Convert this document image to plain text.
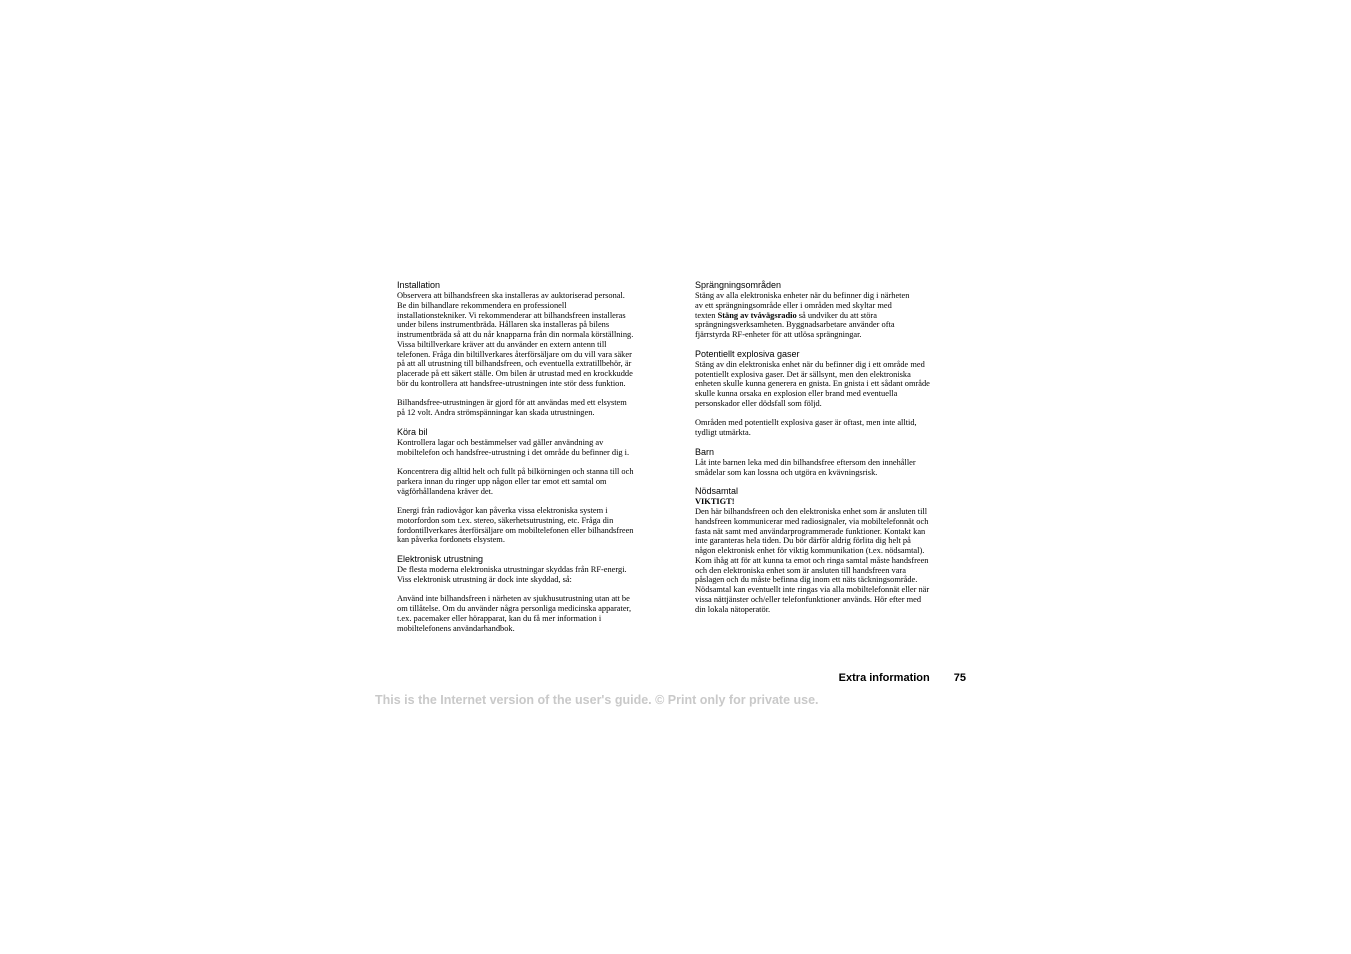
Installation

Observera att bilhandsfreen ska installeras av auktoriserad personal.
Be din bilhandlare rekommendera en professionell
installationstekniker. Vi rekommenderar att bilhandsfreen installeras
under bilens instrumentbräda. Hållaren ska installeras på bilens
instrumentbräda så att du når knapparna från din normala körställning.
Vissa biltillverkare kräver att du använder en extern antenn till
telefonen. Fråga din biltillverkares återförsäljare om du vill vara säker
på att all utrustning till bilhandsfreen, och eventuella extratillbehör, är
placerade på ett säkert ställe. Om bilen är utrustad med en krockkudde
bör du kontrollera att handsfree-utrustningen inte stör dess funktion.

Bilhandsfree-utrustningen är gjord för att användas med ett elsystem
på 12 volt. Andra strömspänningar kan skada utrustningen.

Köra bil

Kontrollera lagar och bestämmelser vad gäller användning av
mobiltelefon och handsfree-utrustning i det område du befinner dig i.

Koncentrera dig alltid helt och fullt på bilkörningen och stanna till och
parkera innan du ringer upp någon eller tar emot ett samtal om
vägförhållandena kräver det.

Energi från radiovågor kan påverka vissa elektroniska system i
motorfordon som t.ex. stereo, säkerhetsutrustning, etc. Fråga din
fordontillverkares återförsäljare om mobiltelefonen eller bilhandsfreen
kan påverka fordonets elsystem.

Elektronisk utrustning

De flesta moderna elektroniska utrustningar skyddas från RF-energi.
Viss elektronisk utrustning är dock inte skyddad, så:

Använd inte bilhandsfreen i närheten av sjukhusutrustning utan att be
om tillåtelse. Om du använder några personliga medicinska apparater,
t.ex. pacemaker eller hörapparat, kan du få mer information i
mobiltelefonens användarhandbok.

Sprängningsområden

Stäng av alla elektroniska enheter när du befinner dig i närheten
av ett sprängningsområde eller i områden med skyltar med
texten Stäng av tvåvägsradio så undviker du att störa
sprängningsverksamheten. Byggnadsarbetare använder ofta
fjärrstyrda RF-enheter för att utlösa sprängningar.

Potentiellt explosiva gaser

Stäng av din elektroniska enhet när du befinner dig i ett område med
potentiellt explosiva gaser. Det är sällsynt, men den elektroniska
enheten skulle kunna generera en gnista. En gnista i ett sådant område
skulle kunna orsaka en explosion eller brand med eventuella
personskador eller dödsfall som följd.

Områden med potentiellt explosiva gaser är oftast, men inte alltid,
tydligt utmärkta.

Barn

Låt inte barnen leka med din bilhandsfree eftersom den innehåller
smådelar som kan lossna och utgöra en kvävningsrisk.

Nödsamtal

VIKTIGT!
Den här bilhandsfreen och den elektroniska enhet som är ansluten till
handsfreen kommunicerar med radiosignaler, via mobiltelefonnät och
fasta nät samt med användarprogrammerade funktioner. Kontakt kan
inte garanteras hela tiden. Du bör därför aldrig förlita dig helt på
någon elektronisk enhet för viktig kommunikation (t.ex. nödsamtal).
Kom ihåg att för att kunna ta emot och ringa samtal måste handsfreen
och den elektroniska enhet som är ansluten till handsfreen vara
påslagen och du måste befinna dig inom ett näts täckningsområde.
Nödsamtal kan eventuellt inte ringas via alla mobiltelefonnät eller när
vissa nättjänster och/eller telefonfunktioner används. Hör efter med
din lokala nätoperatör.

Extra information 75
This is the Internet version of the user's guide. © Print only for private use.
